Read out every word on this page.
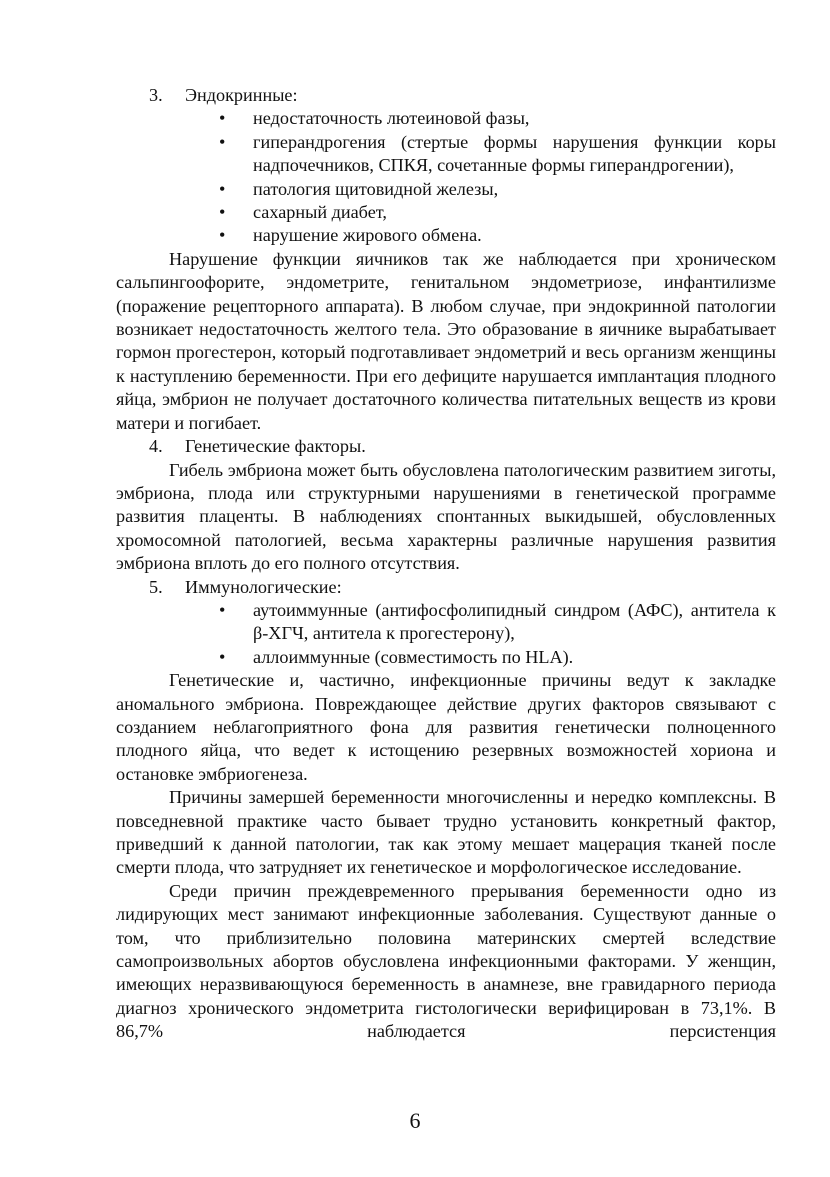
3. Эндокринные:

• недостаточность лютеиновой фазы,
• гиперандрогения (стертые формы нарушения функции коры надпочечников, СПКЯ, сочетанные формы гиперандрогении),
• патология щитовидной железы,
• сахарный диабет,
• нарушение жирового обмена.

Нарушение функции яичников так же наблюдается при хроническом сальпингоофорите, эндометрите, генитальном эндометриозе, инфантилизме (поражение рецепторного аппарата). В любом случае, при эндокринной патологии возникает недостаточность желтого тела. Это образование в яичнике вырабатывает гормон прогестерон, который подготавливает эндометрий и весь организм женщины к наступлению беременности. При его дефиците нарушается имплантация плодного яйца, эмбрион не получает достаточного количества питательных веществ из крови матери и погибает.

4. Генетические факторы.

Гибель эмбриона может быть обусловлена патологическим развитием зиготы, эмбриона, плода или структурными нарушениями в генетической программе развития плаценты. В наблюдениях спонтанных выкидышей, обусловленных хромосомной патологией, весьма характерны различные нарушения развития эмбриона вплоть до его полного отсутствия.

5. Иммунологические:

• аутоиммунные (антифосфолипидный синдром (АФС), антитела к β-ХГЧ, антитела к прогестерону),
• аллоиммунные (совместимость по HLA).

Генетические и, частично, инфекционные причины ведут к закладке аномального эмбриона. Повреждающее действие других факторов связывают с созданием неблагоприятного фона для развития генетически полноценного плодного яйца, что ведет к истощению резервных возможностей хориона и остановке эмбриогенеза.

Причины замершей беременности многочисленны и нередко комплексны. В повседневной практике часто бывает трудно установить конкретный фактор, приведший к данной патологии, так как этому мешает мацерация тканей после смерти плода, что затрудняет их генетическое и морфологическое исследование.

Среди причин преждевременного прерывания беременности одно из лидирующих мест занимают инфекционные заболевания. Существуют данные о том, что приблизительно половина материнских смертей вследствие самопроизвольных абортов обусловлена инфекционными факторами. У женщин, имеющих неразвивающуюся беременность в анамнезе, вне гравидарного периода диагноз хронического эндометрита гистологически верифицирован в 73,1%. В 86,7% наблюдается персистенция

6
